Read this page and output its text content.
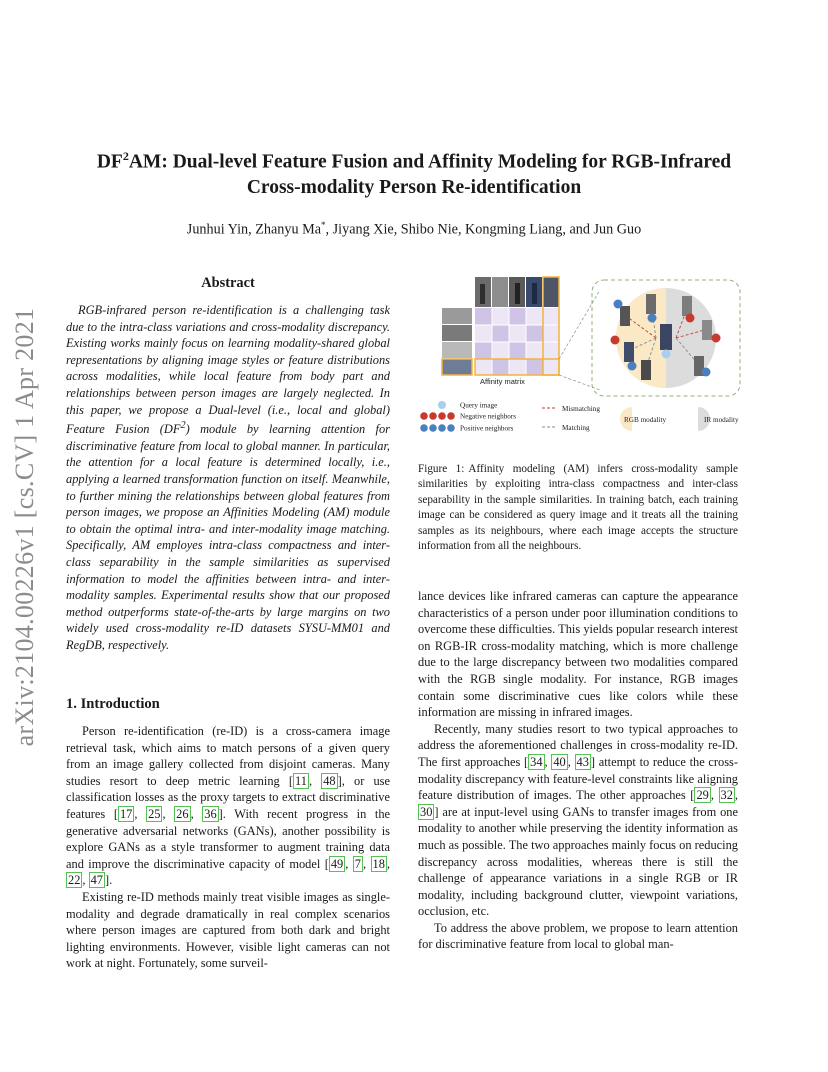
arXiv:2104.00226v1 [cs.CV] 1 Apr 2021
$DF^2AM$: Dual-level Feature Fusion and Affinity Modeling for RGB-Infrared
Cross-modality Person Re-identification
Junhui Yin, Zhanyu Ma*, Jiyang Xie, Shibo Nie, Kongming Liang, and Jun Guo
Abstract

RGB-infrared person re-identification is a challenging task due to the intra-class variations and cross-modality discrepancy. Existing works mainly focus on learning modality-shared global representations by aligning image styles or feature distributions across modalities, while local feature from body part and relationships between person images are largely neglected. In this paper, we propose a Dual-level (i.e., local and global) Feature Fusion $(DF^2)$ module by learning attention for discriminative feature from local to global manner. In particular, the attention for a local feature is determined locally, i.e., applying a learned transformation function on itself. Meanwhile, to further mining the relationships between global features from person images, we propose an Affinities Modeling (AM) module to obtain the optimal intra- and inter-modality image matching. Specifically, AM employes intra-class compactness and inter-class separability in the sample similarities as supervised information to model the affinities between intra- and inter-modality samples. Experimental results show that our proposed method outperforms state-of-the-arts by large margins on two widely used cross-modality re-ID datasets SYSU-MM01 and RegDB, respectively.

1. Introduction

Person re-identification (re-ID) is a cross-camera image retrieval task, which aims to match persons of a given query from an image gallery collected from disjoint cameras. Many studies resort to deep metric learning [ 11 , 48 ], or use classification losses as the proxy targets to extract discriminative features [ 17 , 25 , 26 , 36 ]. With recent progress in the generative adversarial networks (GANs), another possibility is explore GANs as a style transformer to augment training data and improve the discriminative capacity of model [ 49 , 7 , 18 , 22 , 47 ].

Existing re-ID methods mainly treat visible images as single-modality and degrade dramatically in real complex scenarios where person images are captured from both dark and bright lighting environments. However, visible light cameras can not work at night. Fortunately, some surveil-

Affinity matrix
Query image
Negative neighbors
Positive neighbors
Mismatching
Matching
RGB modality	IR modality
Figure 1: Affinity modeling (AM) infers cross-modality sample similarities by exploiting intra-class compactness and inter-class separability in the sample similarities. In training batch, each training image can be considered as query image and it treats all the training samples as its neighbours, where each image accepts the structure information from all the neighbours.

lance devices like infrared cameras can capture the appearance characteristics of a person under poor illumination conditions to overcome these difficulties. This yields popular research interest on RGB-IR cross-modality matching, which is more challenge due to the large discrepancy between two modalities compared with the RGB single modality. For instance, RGB images contain some discriminative cues like colors while these information are missing in infrared images.

Recently, many studies resort to two typical approaches to address the aforementioned challenges in cross-modality re-ID. The first approaches [ 34 , 40 , 43 ] attempt to reduce the cross-modality discrepancy with feature-level constraints like aligning feature distribution of images. The other approaches [ 29 , 32 , 30 ] are at input-level using GANs to transfer images from one modality to another while preserving the identity information as much as possible. The two approaches mainly focus on reducing discrepancy across modalities, whereas there is still the challenge of appearance variations in a single RGB or IR modality, including background clutter, viewpoint variations, occlusion, etc.

To address the above problem, we propose to learn attention for discriminative feature from local to global man-
